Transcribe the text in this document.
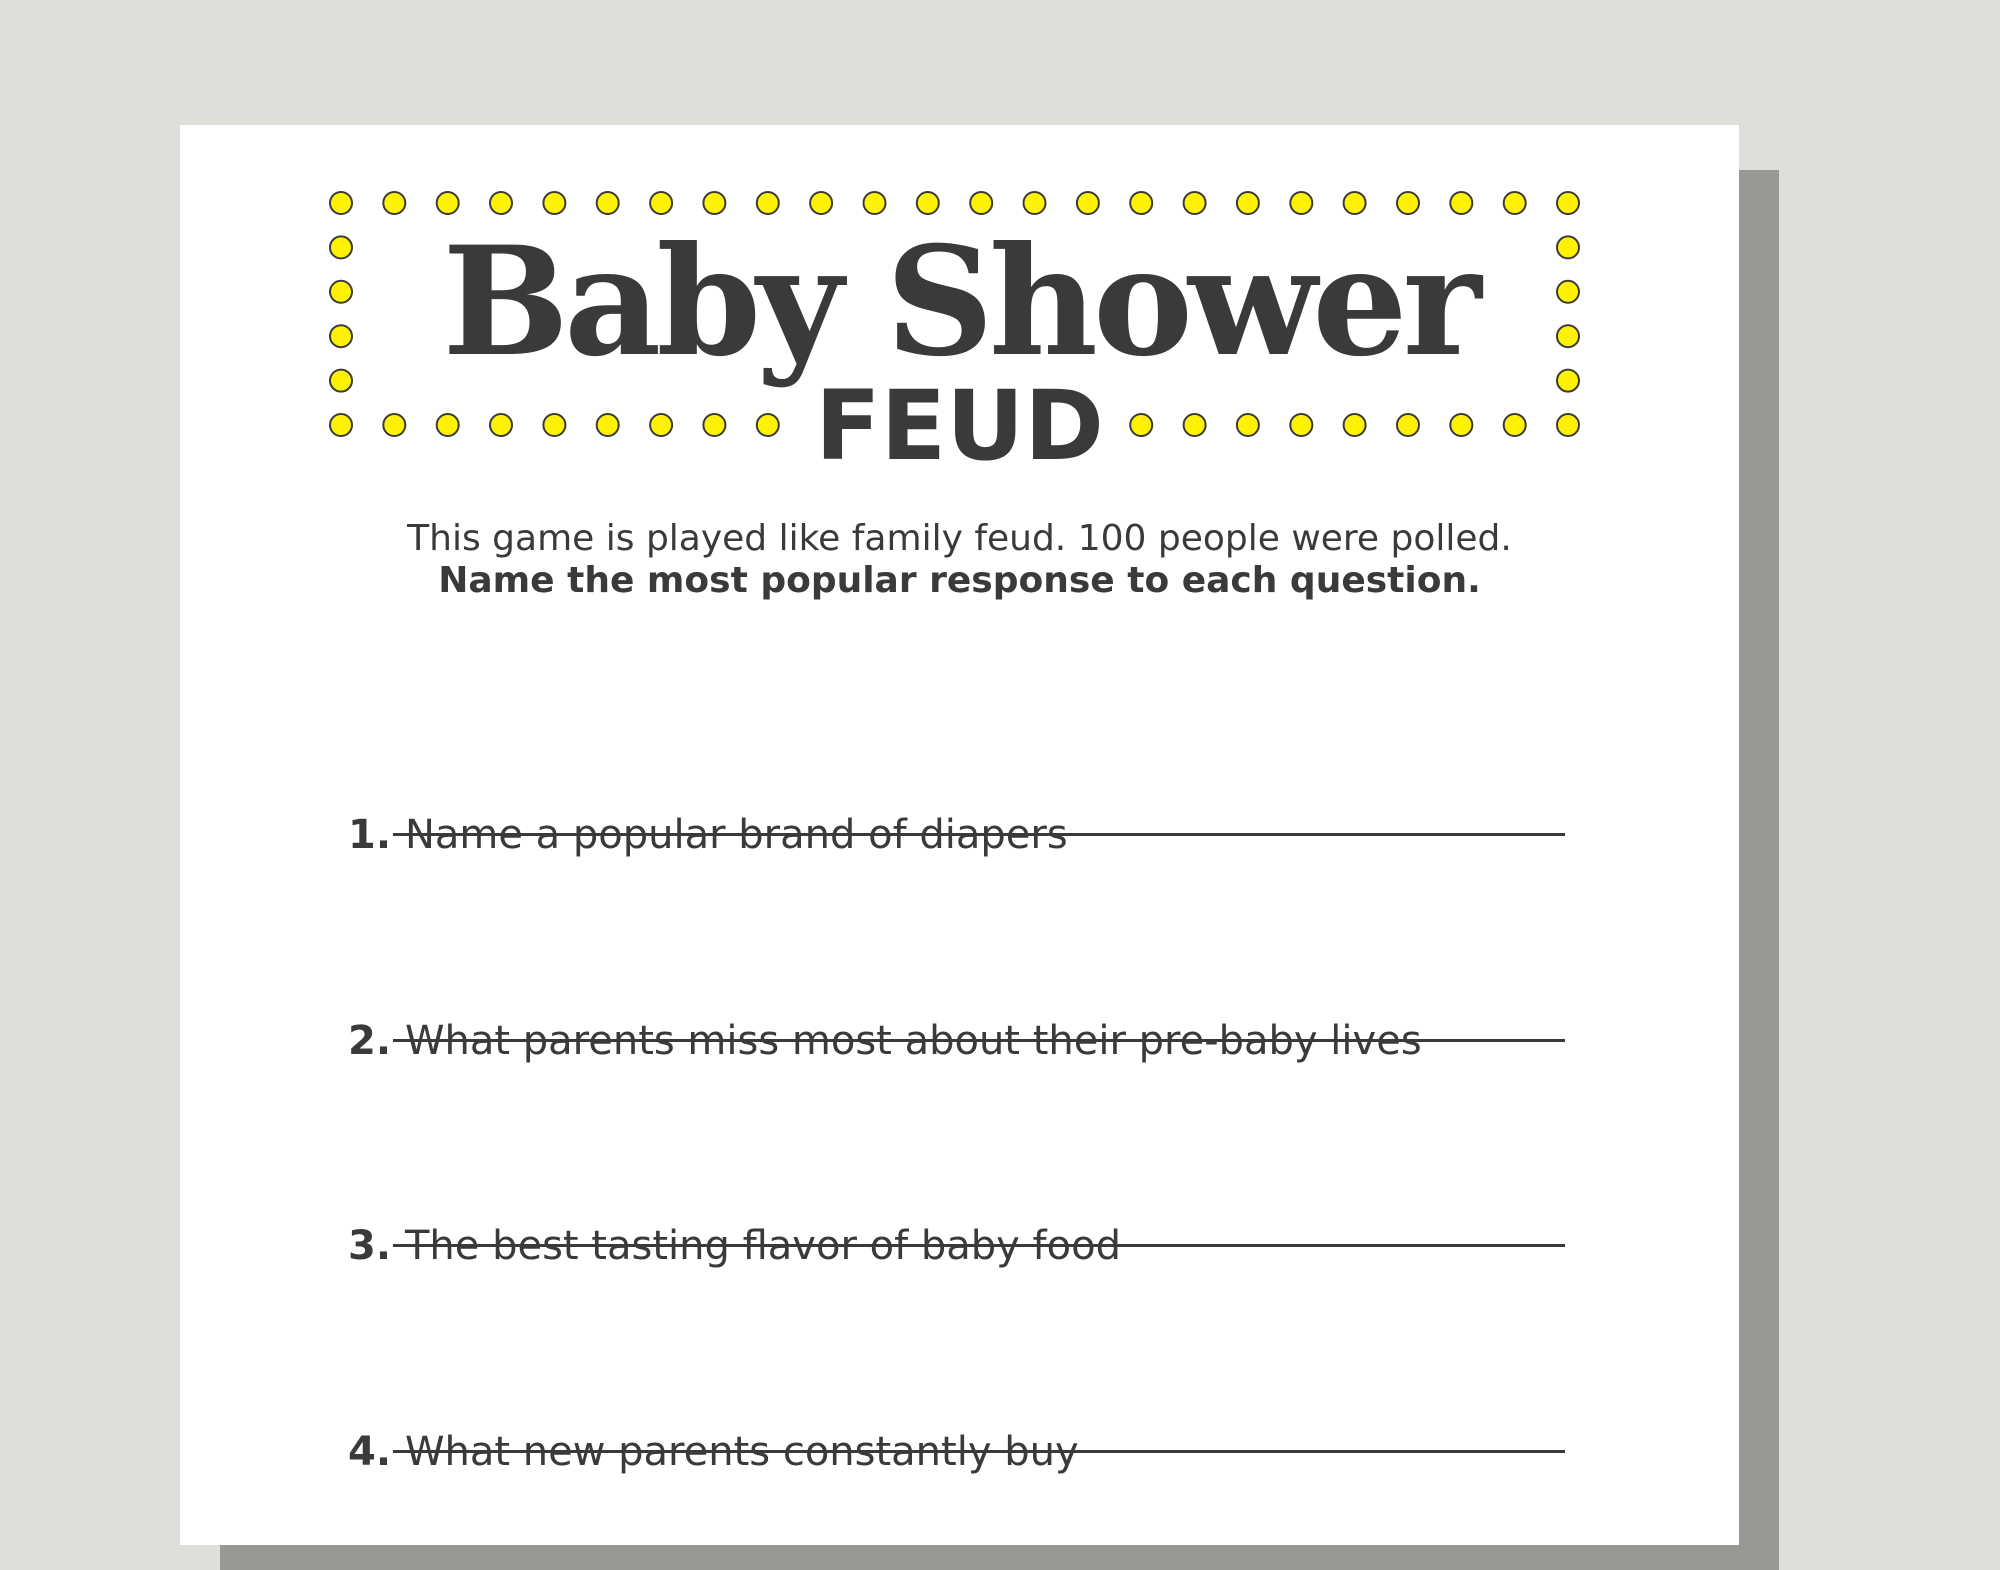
Baby Shower
FEUD
This game is played like family feud. 100 people were polled. Name the most popular response to each question.
1. Name a popular brand of diapers
2. What parents miss most about their pre-baby lives
3. The best tasting flavor of baby food
4. What new parents constantly buy
